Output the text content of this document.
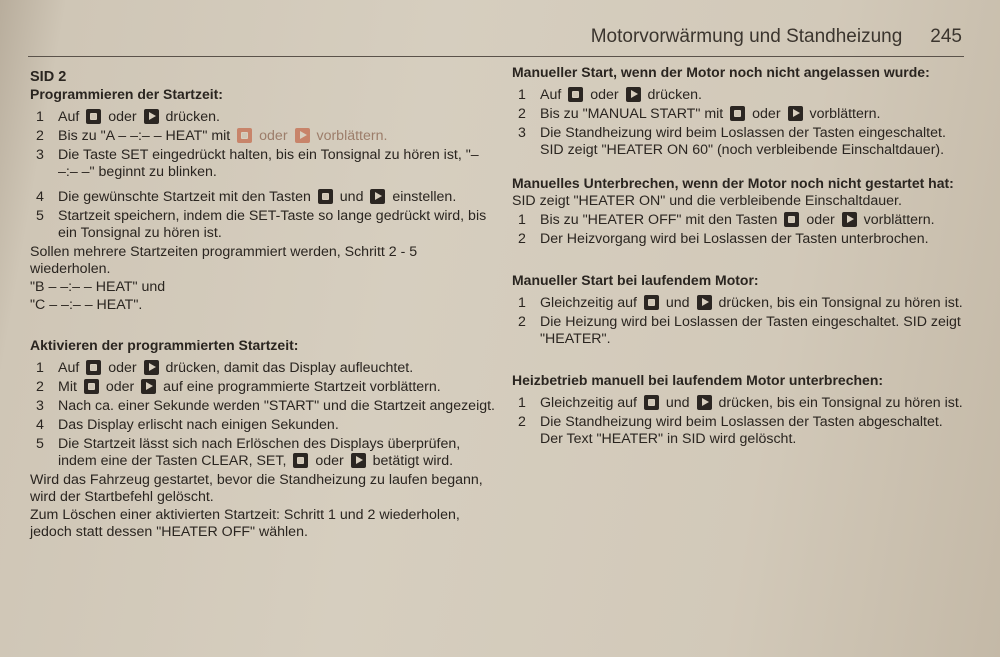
Motorvorwärmung und Standheizung 245
SID 2
Programmieren der Startzeit:
1 Auf oder drücken.
2 Bis zu "A – –:– – HEAT" mit oder vorblättern.
3 Die Taste SET eingedrückt halten, bis ein Tonsignal zu hören ist, "– –:– –" beginnt zu blinken.
4 Die gewünschte Startzeit mit den Tasten und einstellen.
5 Startzeit speichern, indem die SET-Taste so lange gedrückt wird, bis ein Tonsignal zu hören ist.

Sollen mehrere Startzeiten programmiert werden, Schritt 2 - 5 wiederholen.

"B – –:– – HEAT" und

"C – –:– – HEAT".

Aktivieren der programmierten Startzeit:
1 Auf oder drücken, damit das Display aufleuchtet.
2 Mit oder auf eine programmierte Startzeit vorblättern.
3 Nach ca. einer Sekunde werden "START" und die Startzeit angezeigt.
4 Das Display erlischt nach einigen Sekunden.
5 Die Startzeit lässt sich nach Erlöschen des Displays überprüfen, indem eine der Tasten CLEAR, SET, oder betätigt wird.

Wird das Fahrzeug gestartet, bevor die Standheizung zu laufen begann, wird der Startbefehl gelöscht.

Zum Löschen einer aktivierten Startzeit: Schritt 1 und 2 wiederholen, jedoch statt dessen "HEATER OFF" wählen.

Manueller Start, wenn der Motor noch nicht angelassen wurde:
1 Auf oder drücken.
2 Bis zu "MANUAL START" mit oder vorblättern.
3 Die Standheizung wird beim Loslassen der Tasten eingeschaltet. SID zeigt "HEATER ON 60" (noch verbleibende Einschaltdauer).
Manuelles Unterbrechen, wenn der Motor noch nicht gestartet hat:

SID zeigt "HEATER ON" und die verbleibende Einschaltdauer.

1 Bis zu "HEATER OFF" mit den Tasten oder vorblättern.
2 Der Heizvorgang wird bei Loslassen der Tasten unterbrochen.
Manueller Start bei laufendem Motor:
1 Gleichzeitig auf und drücken, bis ein Tonsignal zu hören ist.
2 Die Heizung wird bei Loslassen der Tasten eingeschaltet. SID zeigt "HEATER".
Heizbetrieb manuell bei laufendem Motor unterbrechen:
1 Gleichzeitig auf und drücken, bis ein Tonsignal zu hören ist.
2 Die Standheizung wird beim Loslassen der Tasten abgeschaltet. Der Text "HEATER" in SID wird gelöscht.
